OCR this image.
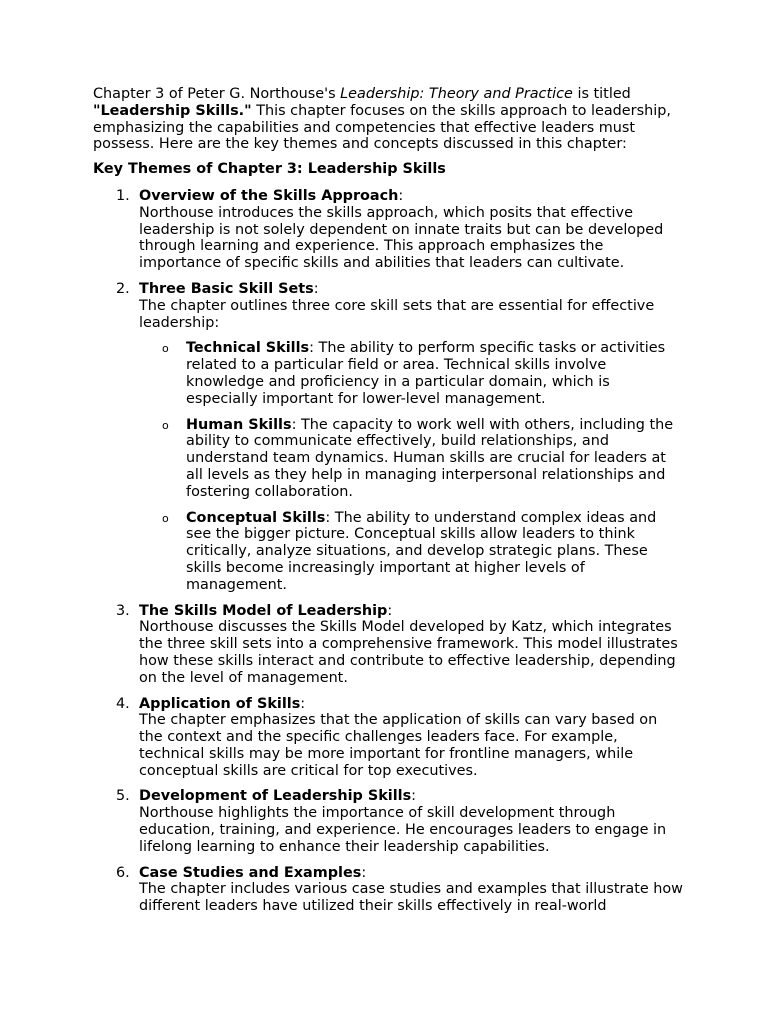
Chapter 3 of Peter G. Northouse's Leadership: Theory and Practice is titled "Leadership Skills." This chapter focuses on the skills approach to leadership, emphasizing the capabilities and competencies that effective leaders must possess. Here are the key themes and concepts discussed in this chapter:

Key Themes of Chapter 3: Leadership Skills

1. Overview of the Skills Approach:
Northouse introduces the skills approach, which posits that effective leadership is not solely dependent on innate traits but can be developed through learning and experience. This approach emphasizes the importance of specific skills and abilities that leaders can cultivate.
2. Three Basic Skill Sets:
The chapter outlines three core skill sets that are essential for effective leadership:
o Technical Skills: The ability to perform specific tasks or activities related to a particular field or area. Technical skills involve knowledge and proficiency in a particular domain, which is especially important for lower-level management.
o Human Skills: The capacity to work well with others, including the ability to communicate effectively, build relationships, and understand team dynamics. Human skills are crucial for leaders at all levels as they help in managing interpersonal relationships and fostering collaboration.
o Conceptual Skills: The ability to understand complex ideas and see the bigger picture. Conceptual skills allow leaders to think critically, analyze situations, and develop strategic plans. These skills become increasingly important at higher levels of management.
3. The Skills Model of Leadership:
Northouse discusses the Skills Model developed by Katz, which integrates the three skill sets into a comprehensive framework. This model illustrates how these skills interact and contribute to effective leadership, depending on the level of management.
4. Application of Skills:
The chapter emphasizes that the application of skills can vary based on the context and the specific challenges leaders face. For example, technical skills may be more important for frontline managers, while conceptual skills are critical for top executives.
5. Development of Leadership Skills:
Northouse highlights the importance of skill development through education, training, and experience. He encourages leaders to engage in lifelong learning to enhance their leadership capabilities.
6. Case Studies and Examples:
The chapter includes various case studies and examples that illustrate how different leaders have utilized their skills effectively in real-world
